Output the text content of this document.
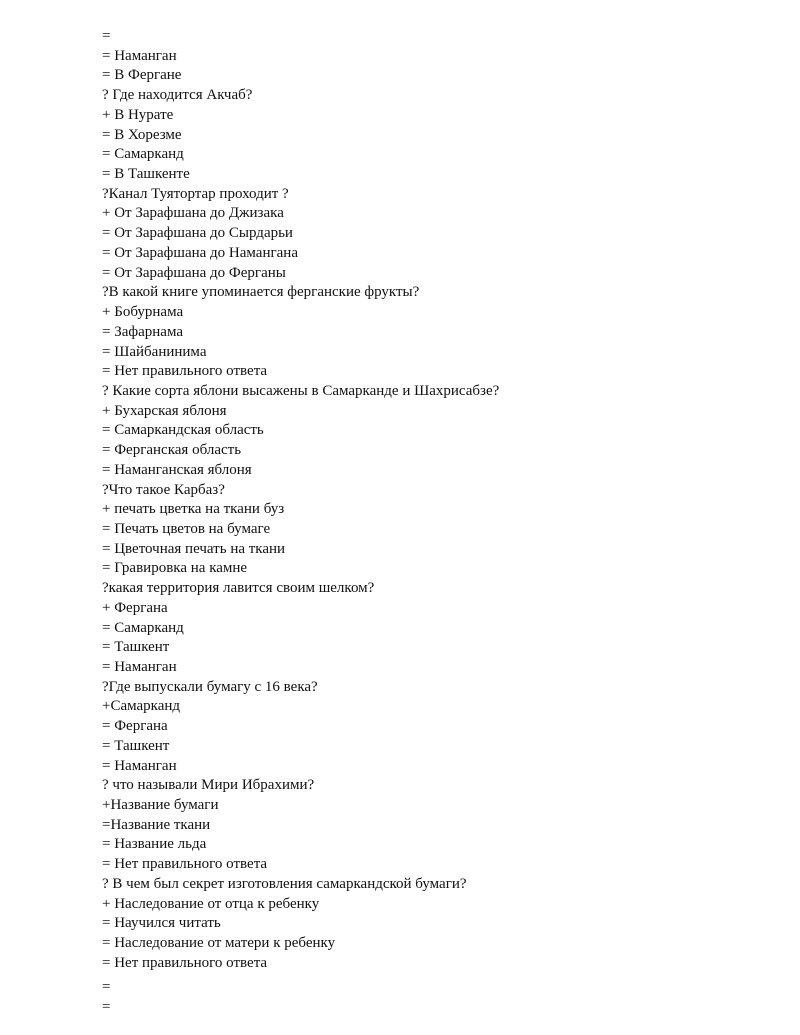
=
= Наманган
= В Фергане
? Где находится Акчаб?
+ В Нурате
= В Хорезме
= Самарканд
= В Ташкенте
?Канал Туятортар проходит ?
+ От Зарафшана до Джизака
= От Зарафшана до Сырдарьи
= От Зарафшана до Намангана
= От Зарафшана до Ферганы
?В какой книге упоминается ферганские фрукты?
+ Бобурнама
= Зафарнама
= Шайбанинима
= Нет правильного ответа
? Какие сорта яблони высажены в Самарканде и Шахрисабзе?
+ Бухарская яблоня
= Самаркандская область
= Ферганская область
= Наманганская яблоня
?Что такое Карбаз?
+ печать цветка на ткани буз
= Печать цветов на бумаге
= Цветочная печать на ткани
= Гравировка на камне
?какая территория лавится своим шелком?
+ Фергана
= Самарканд
= Ташкент
= Наманган
?Где выпускали бумагу с 16 века?
+Самарканд
= Фергана
= Ташкент
= Наманган
? что называли Мири Ибрахими?
+Название бумаги
=Название ткани
= Название льда
= Нет правильного ответа
? В чем был секрет изготовления самаркандской бумаги?
+ Наследование от отца к ребенку
= Научился читать
= Наследование от матери к ребенку
= Нет правильного ответа
=
=
